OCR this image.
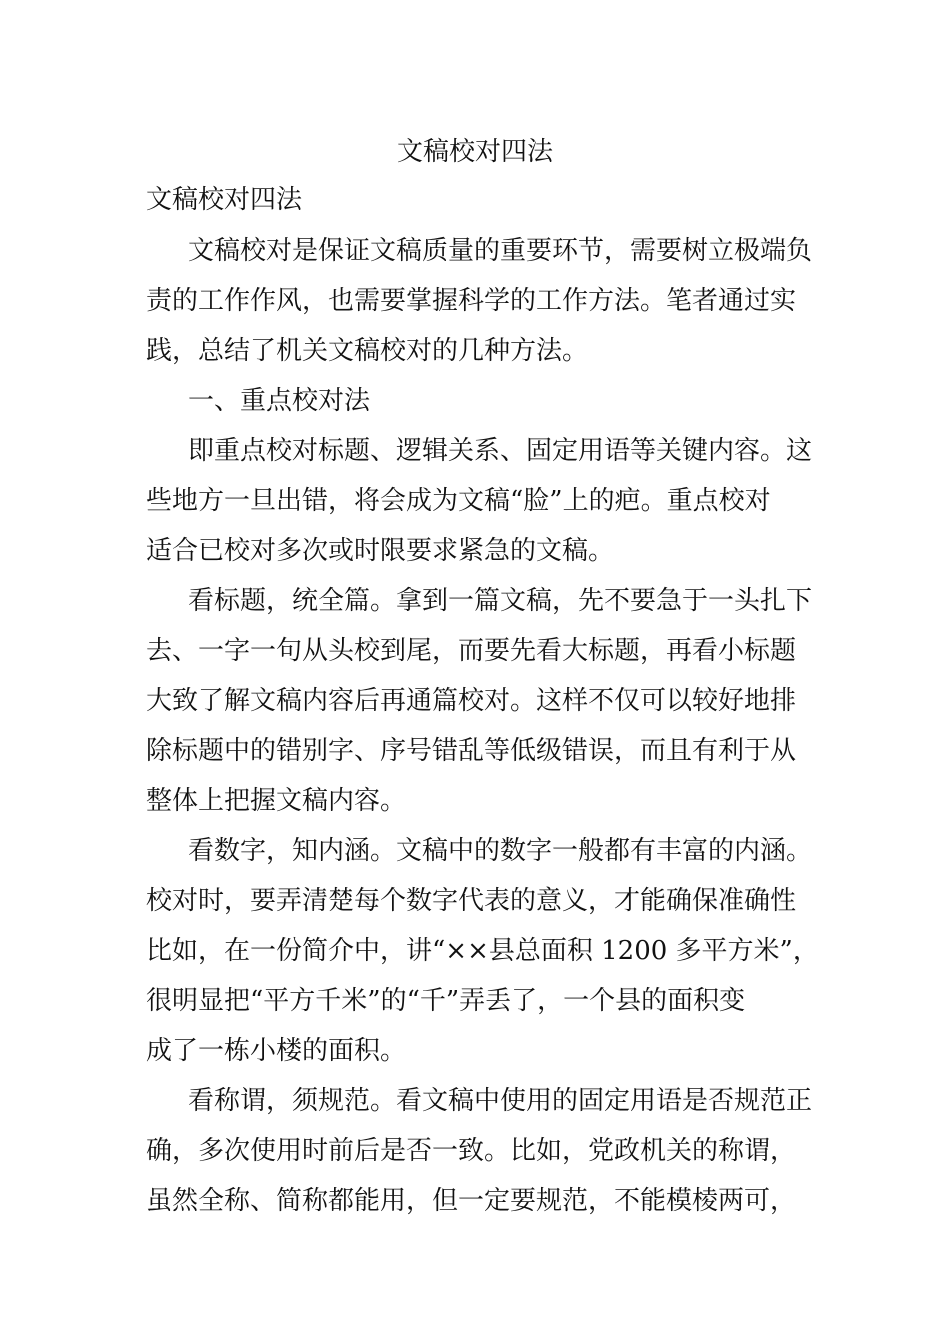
文稿校对四法

文稿校对四法

文稿校对是保证文稿质量的重要环节，需要树立极端负
责的工作作风，也需要掌握科学的工作方法。笔者通过实
践，总结了机关文稿校对的几种方法。

一、重点校对法

即重点校对标题、逻辑关系、固定用语等关键内容。这
些地方一旦出错，将会成为文稿“脸”上的疤。重点校对
适合已校对多次或时限要求紧急的文稿。

看标题，统全篇。拿到一篇文稿，先不要急于一头扎下
去、一字一句从头校到尾，而要先看大标题，再看小标题
大致了解文稿内容后再通篇校对。这样不仅可以较好地排
除标题中的错别字、序号错乱等低级错误，而且有利于从
整体上把握文稿内容。

看数字，知内涵。文稿中的数字一般都有丰富的内涵。
校对时，要弄清楚每个数字代表的意义，才能确保准确性
比如，在一份简介中，讲“××县总面积 1200 多平方米”，
很明显把“平方千米”的“千”弄丢了，一个县的面积变
成了一栋小楼的面积。

看称谓，须规范。看文稿中使用的固定用语是否规范正
确，多次使用时前后是否一致。比如，党政机关的称谓，
虽然全称、简称都能用，但一定要规范，不能模棱两可，
